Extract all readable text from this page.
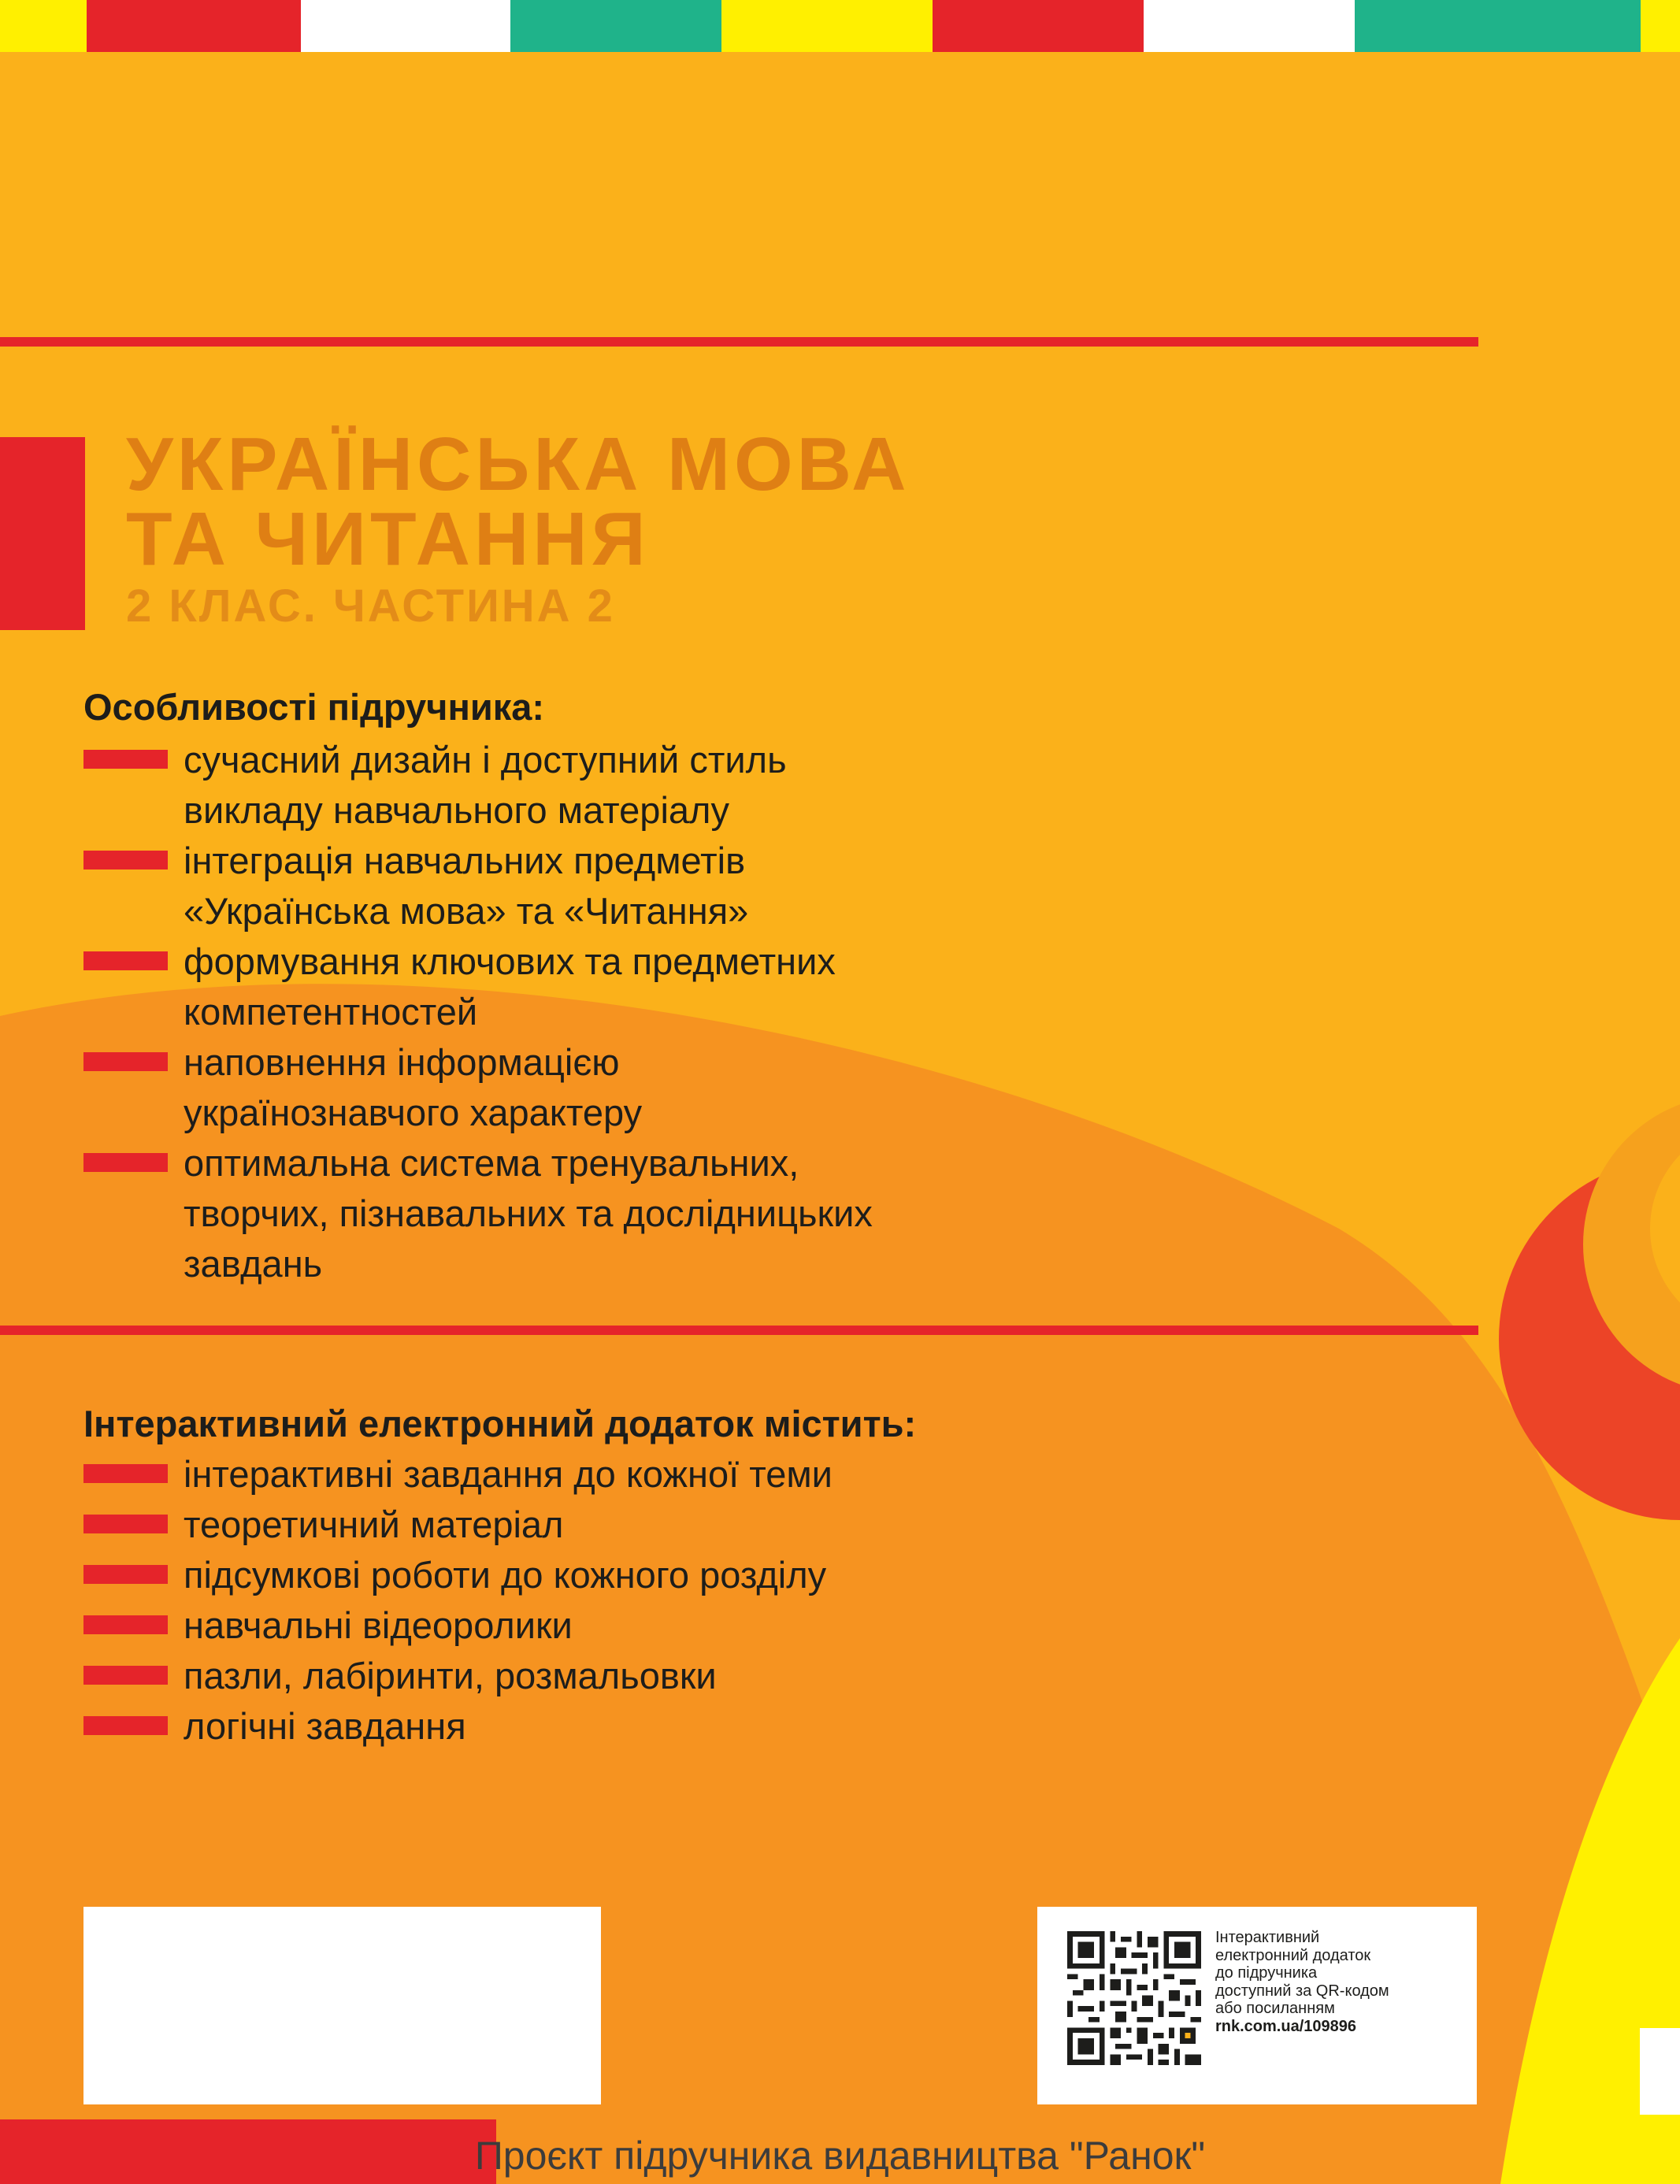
УКРАЇНСЬКА МОВА
ТА ЧИТАННЯ
2 КЛАС. ЧАСТИНА 2
Особливості підручника:
сучасний дизайн і доступний стиль
викладу навчального матеріалу
інтеграція навчальних предметів
«Українська мова» та «Читання»
формування ключових та предметних
компетентностей
наповнення інформацією
українознавчого характеру
оптимальна система тренувальних,
творчих, пізнавальних та дослідницьких
завдань
Інтерактивний електронний додаток містить:
інтерактивні завдання до кожної теми
теоретичний матеріал
підсумкові роботи до кожного розділу
навчальні відеоролики
пазли, лабіринти, розмальовки
логічні завдання
Інтерактивний
електронний додаток
до підручника
доступний за QR-кодом
або посиланням
rnk.com.ua/109896
Проєкт підручника видавництва "Ранок"
